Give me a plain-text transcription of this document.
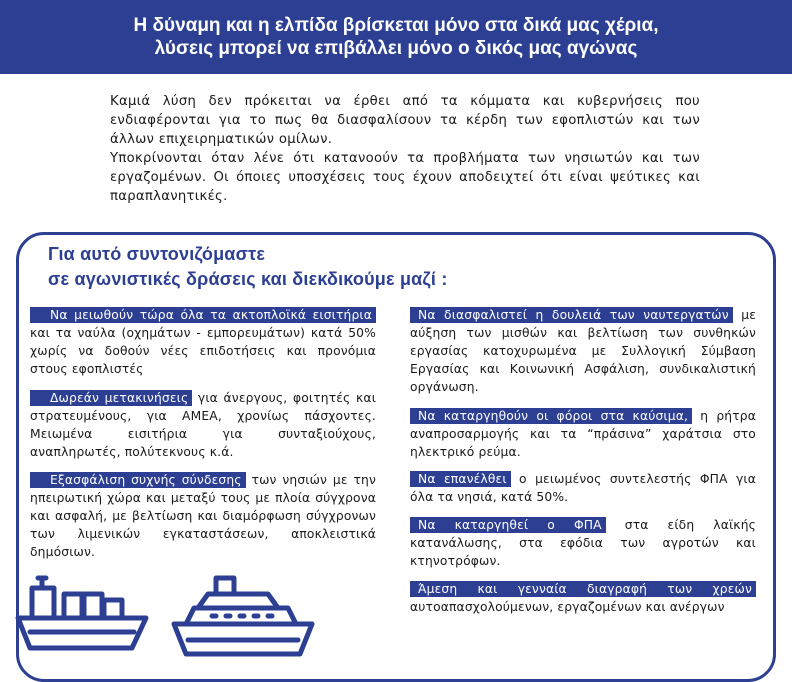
Η δύναμη και η ελπίδα βρίσκεται μόνο στα δικά μας χέρια,
λύσεις μπορεί να επιβάλλει μόνο ο δικός μας αγώνας

Καμιά λύση δεν πρόκειται να έρθει από τα κόμματα και κυβερνήσεις που ενδιαφέρονται για το πως θα διασφαλίσουν τα κέρδη των εφοπλιστών και των άλλων επιχειρηματικών ομίλων.

Υποκρίνονται όταν λένε ότι κατανοούν τα προβλήματα των νησιωτών και των εργαζομένων. Οι όποιες υποσχέσεις τους έχουν αποδειχτεί ότι είναι ψεύτικες και παραπλανητικές.

Για αυτό συντονιζόμαστε
σε αγωνιστικές δράσεις και διεκδικούμε μαζί :
Να μειωθούν τώρα όλα τα ακτοπλοϊκά εισιτήρια και τα ναύλα (οχημάτων - εμπορευμάτων) κατά 50% χωρίς να δοθούν νέες επιδοτήσεις και προνόμια στους εφοπλιστές
Δωρεάν μετακινήσεις για άνεργους, φοιτητές και στρατευμένους, για ΑΜΕΑ, χρονίως πάσχοντες. Μειωμένα εισιτήρια για συνταξιούχους, αναπληρωτές, πολύτεκνους κ.ά.
Εξασφάλιση συχνής σύνδεσης των νησιών με την ηπειρωτική χώρα και μεταξύ τους με πλοία σύγχρονα και ασφαλή, με βελτίωση και διαμόρφωση σύγχρονων των λιμενικών εγκαταστάσεων, αποκλειστικά δημόσιων.
Να διασφαλιστεί η δουλειά των ναυτεργατών με αύξηση των μισθών και βελτίωση των συνθηκών εργασίας κατοχυρωμένα με Συλλογική Σύμβαση Εργασίας και Κοινωνική Ασφάλιση, συνδικαλιστική οργάνωση.
Να καταργηθούν οι φόροι στα καύσιμα, η ρήτρα αναπροσαρμογής και τα “πράσινα” χαράτσια στο ηλεκτρικό ρεύμα.
Να επανέλθει ο μειωμένος συντελεστής ΦΠΑ για όλα τα νησιά, κατά 50%.
Να καταργηθεί ο ΦΠΑ στα είδη λαϊκής κατανάλωσης, στα εφόδια των αγροτών και κτηνοτρόφων.
Άμεση και γενναία διαγραφή των χρεών αυτοαπασχολούμενων, εργαζομένων και ανέργων
